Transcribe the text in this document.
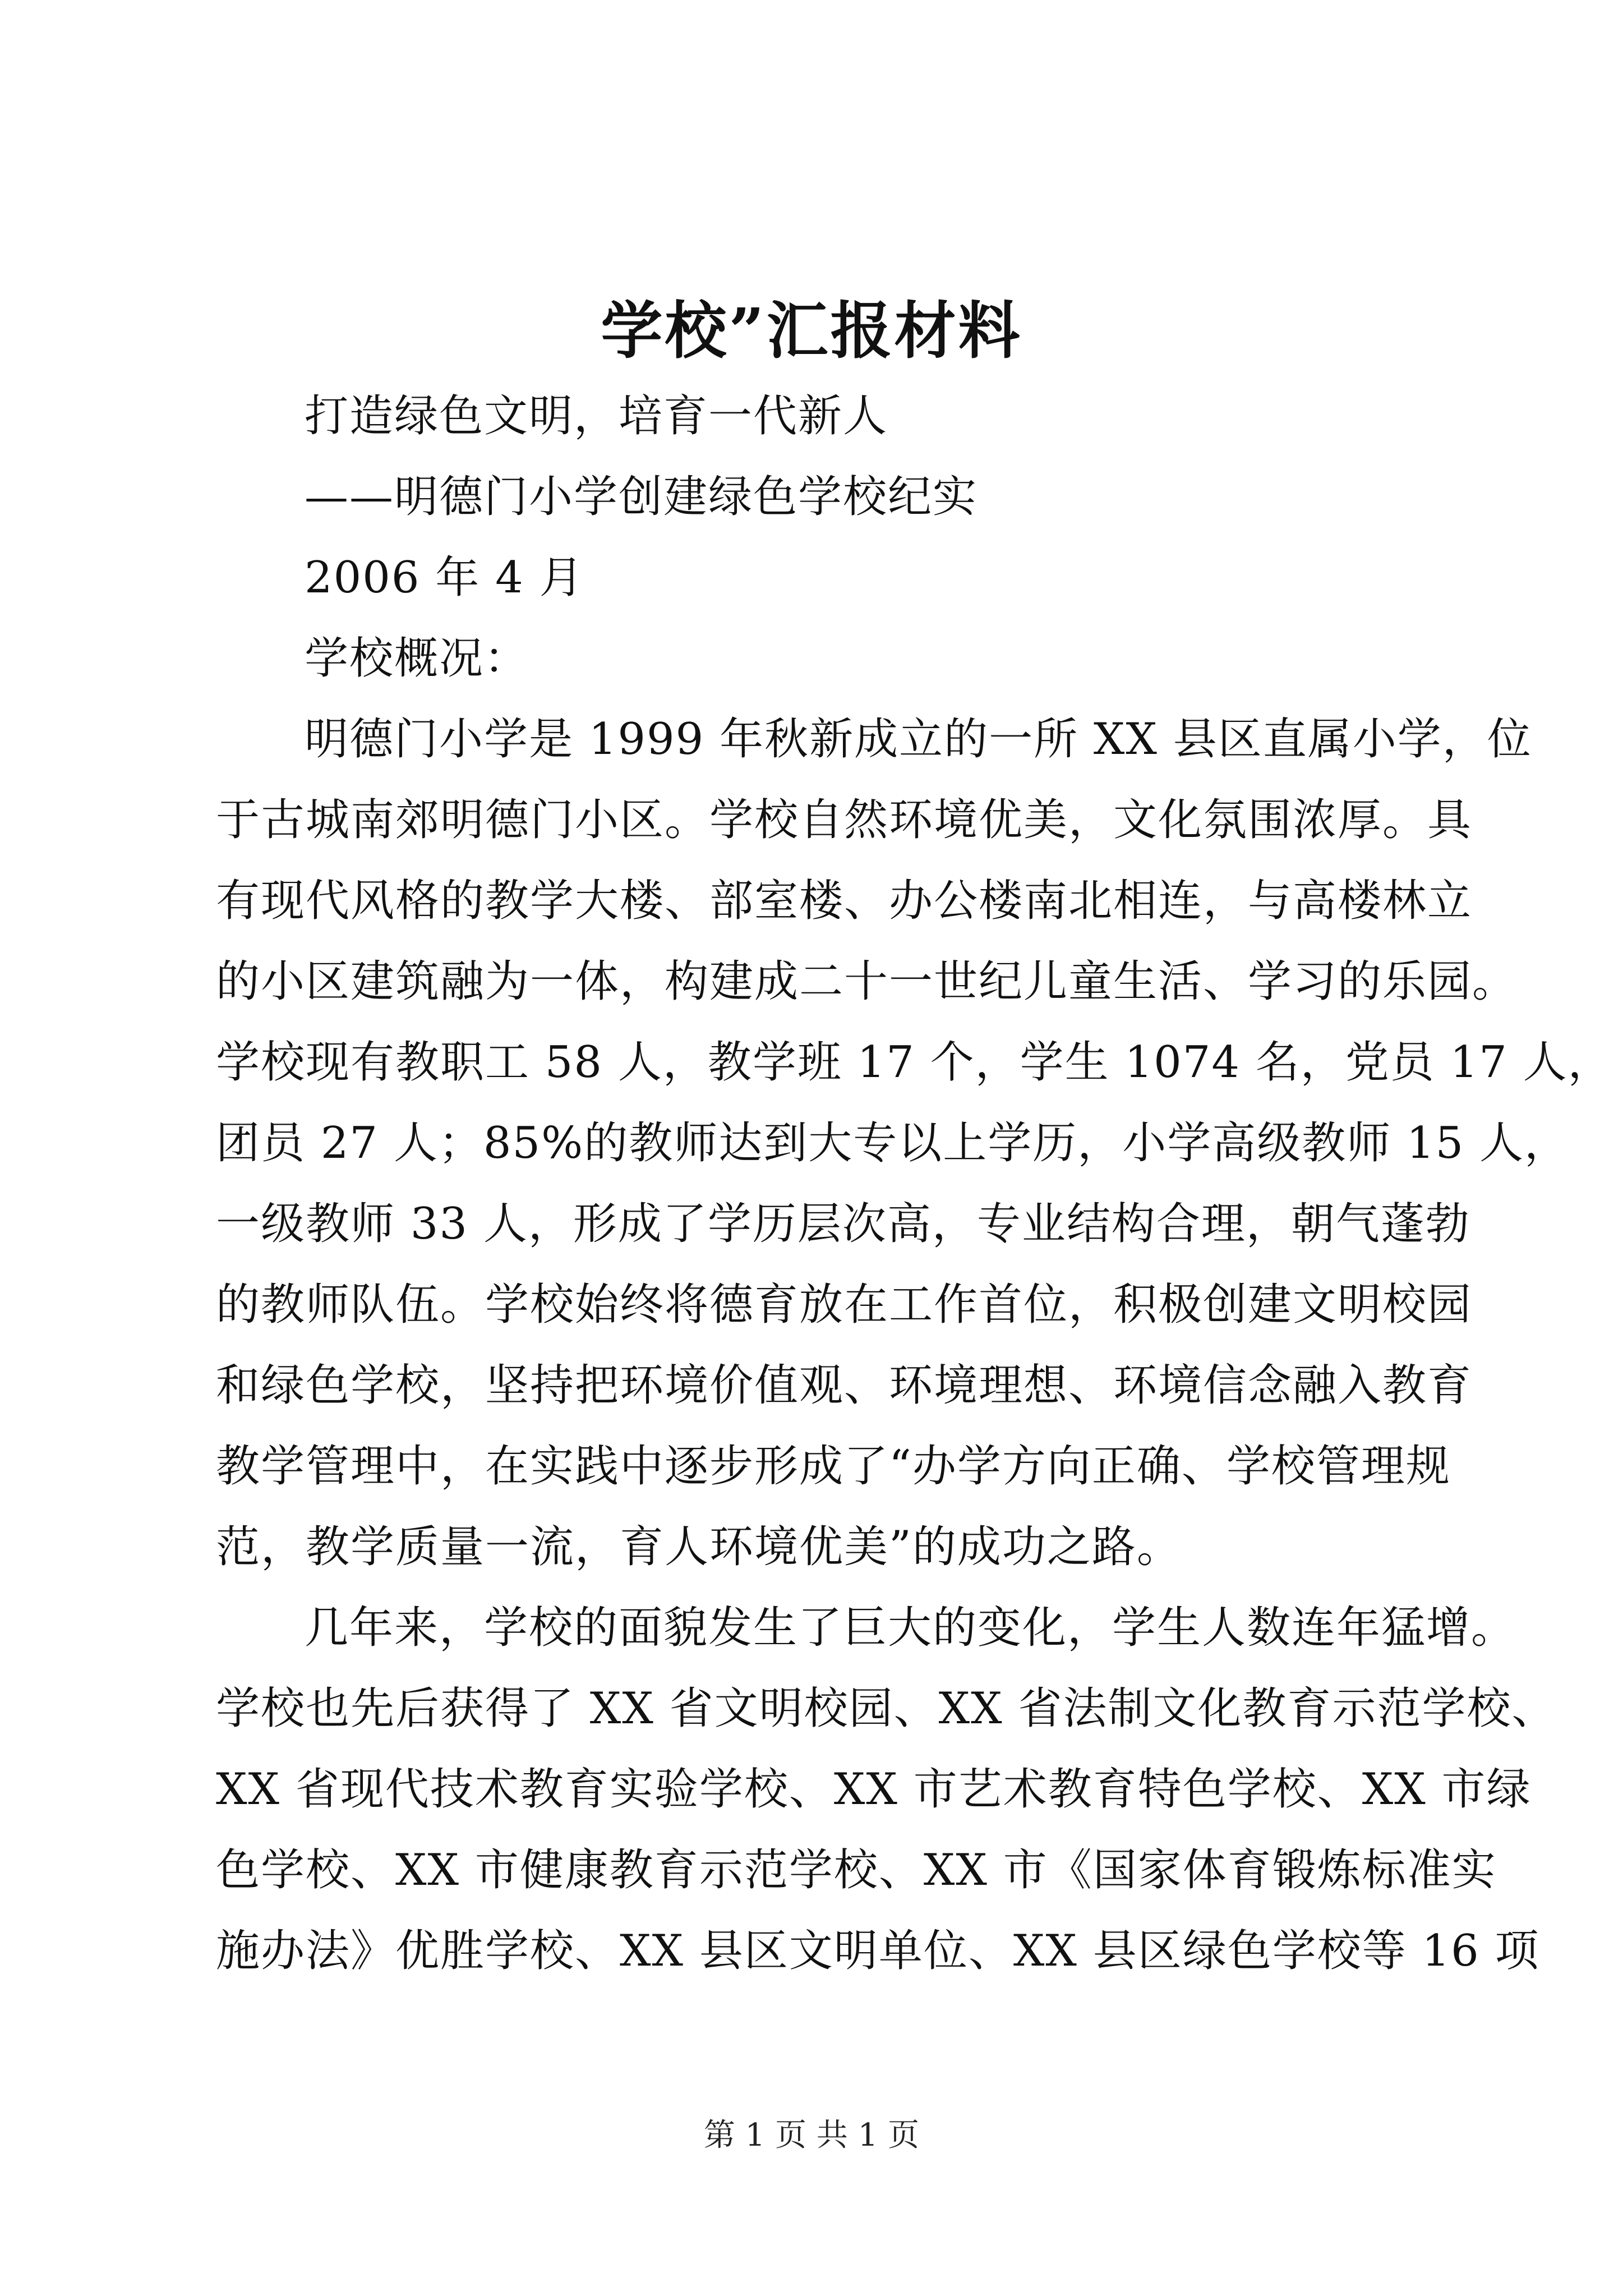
学校”汇报材料
打造绿色文明，培育一代新人
——明德门小学创建绿色学校纪实
2006 年 4 月
学校概况：
明德门小学是 1999 年秋新成立的一所 XX 县区直属小学，位
于古城南郊明德门小区。学校自然环境优美，文化氛围浓厚。具
有现代风格的教学大楼、部室楼、办公楼南北相连，与高楼林立
的小区建筑融为一体，构建成二十一世纪儿童生活、学习的乐园。
学校现有教职工 58 人，教学班 17 个，学生 1074 名，党员 17 人，
团员 27 人；85%的教师达到大专以上学历，小学高级教师 15 人，
一级教师 33 人，形成了学历层次高，专业结构合理，朝气蓬勃
的教师队伍。学校始终将德育放在工作首位，积极创建文明校园
和绿色学校，坚持把环境价值观、环境理想、环境信念融入教育
教学管理中，在实践中逐步形成了“办学方向正确、学校管理规
范，教学质量一流，育人环境优美”的成功之路。
几年来，学校的面貌发生了巨大的变化，学生人数连年猛增。
学校也先后获得了 XX 省文明校园、XX 省法制文化教育示范学校、
XX 省现代技术教育实验学校、XX 市艺术教育特色学校、XX 市绿
色学校、XX 市健康教育示范学校、XX 市《国家体育锻炼标准实
施办法》优胜学校、XX 县区文明单位、XX 县区绿色学校等 16 项
第 1 页 共 1 页
